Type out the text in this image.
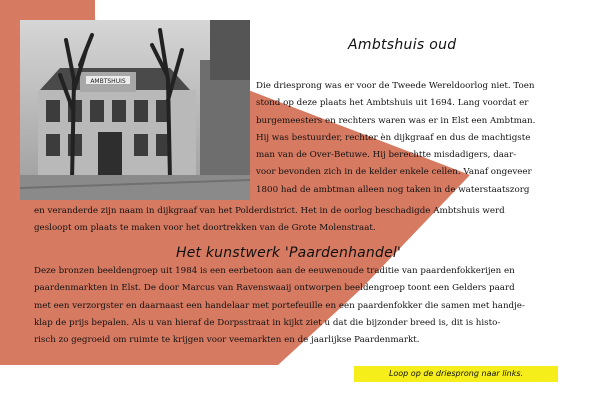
AMBTSHUIS
Ambtshuis oud
Die driesprong was er voor de Tweede Wereldoorlog niet. Toen
stond op deze plaats het Ambtshuis uit 1694. Lang voordat er
burgemeesters en rechters waren was er in Elst een Ambtman.
Hij was bestuurder, rechter èn dijkgraaf en dus de machtigste
man van de Over-Betuwe. Hij berechtte misdadigers, daar-
voor bevonden zich in de kelder enkele cellen. Vanaf ongeveer
1800 had de ambtman alleen nog taken in de waterstaatszorg
en veranderde zijn naam in dijkgraaf van het Polderdistrict. Het in de oorlog beschadigde Ambtshuis werd
gesloopt om plaats te maken voor het doortrekken van de Grote Molenstraat.
Het kunstwerk 'Paardenhandel'
Deze bronzen beeldengroep uit 1984 is een eerbetoon aan de eeuwenoude traditie van paardenfokkerijen en
paardenmarkten in Elst. De door Marcus van Ravenswaaij ontworpen beeldengroep toont een Gelders paard
met een verzorgster en daarnaast een handelaar met portefeuille en een paardenfokker die samen met handje-
klap de prijs bepalen. Als u van hieraf de Dorpsstraat in kijkt ziet u dat die bijzonder breed is, dit is histo-
risch zo gegroeid om ruimte te krijgen voor veemarkten en de jaarlijkse Paardenmarkt.
Loop op de driesprong naar links.
